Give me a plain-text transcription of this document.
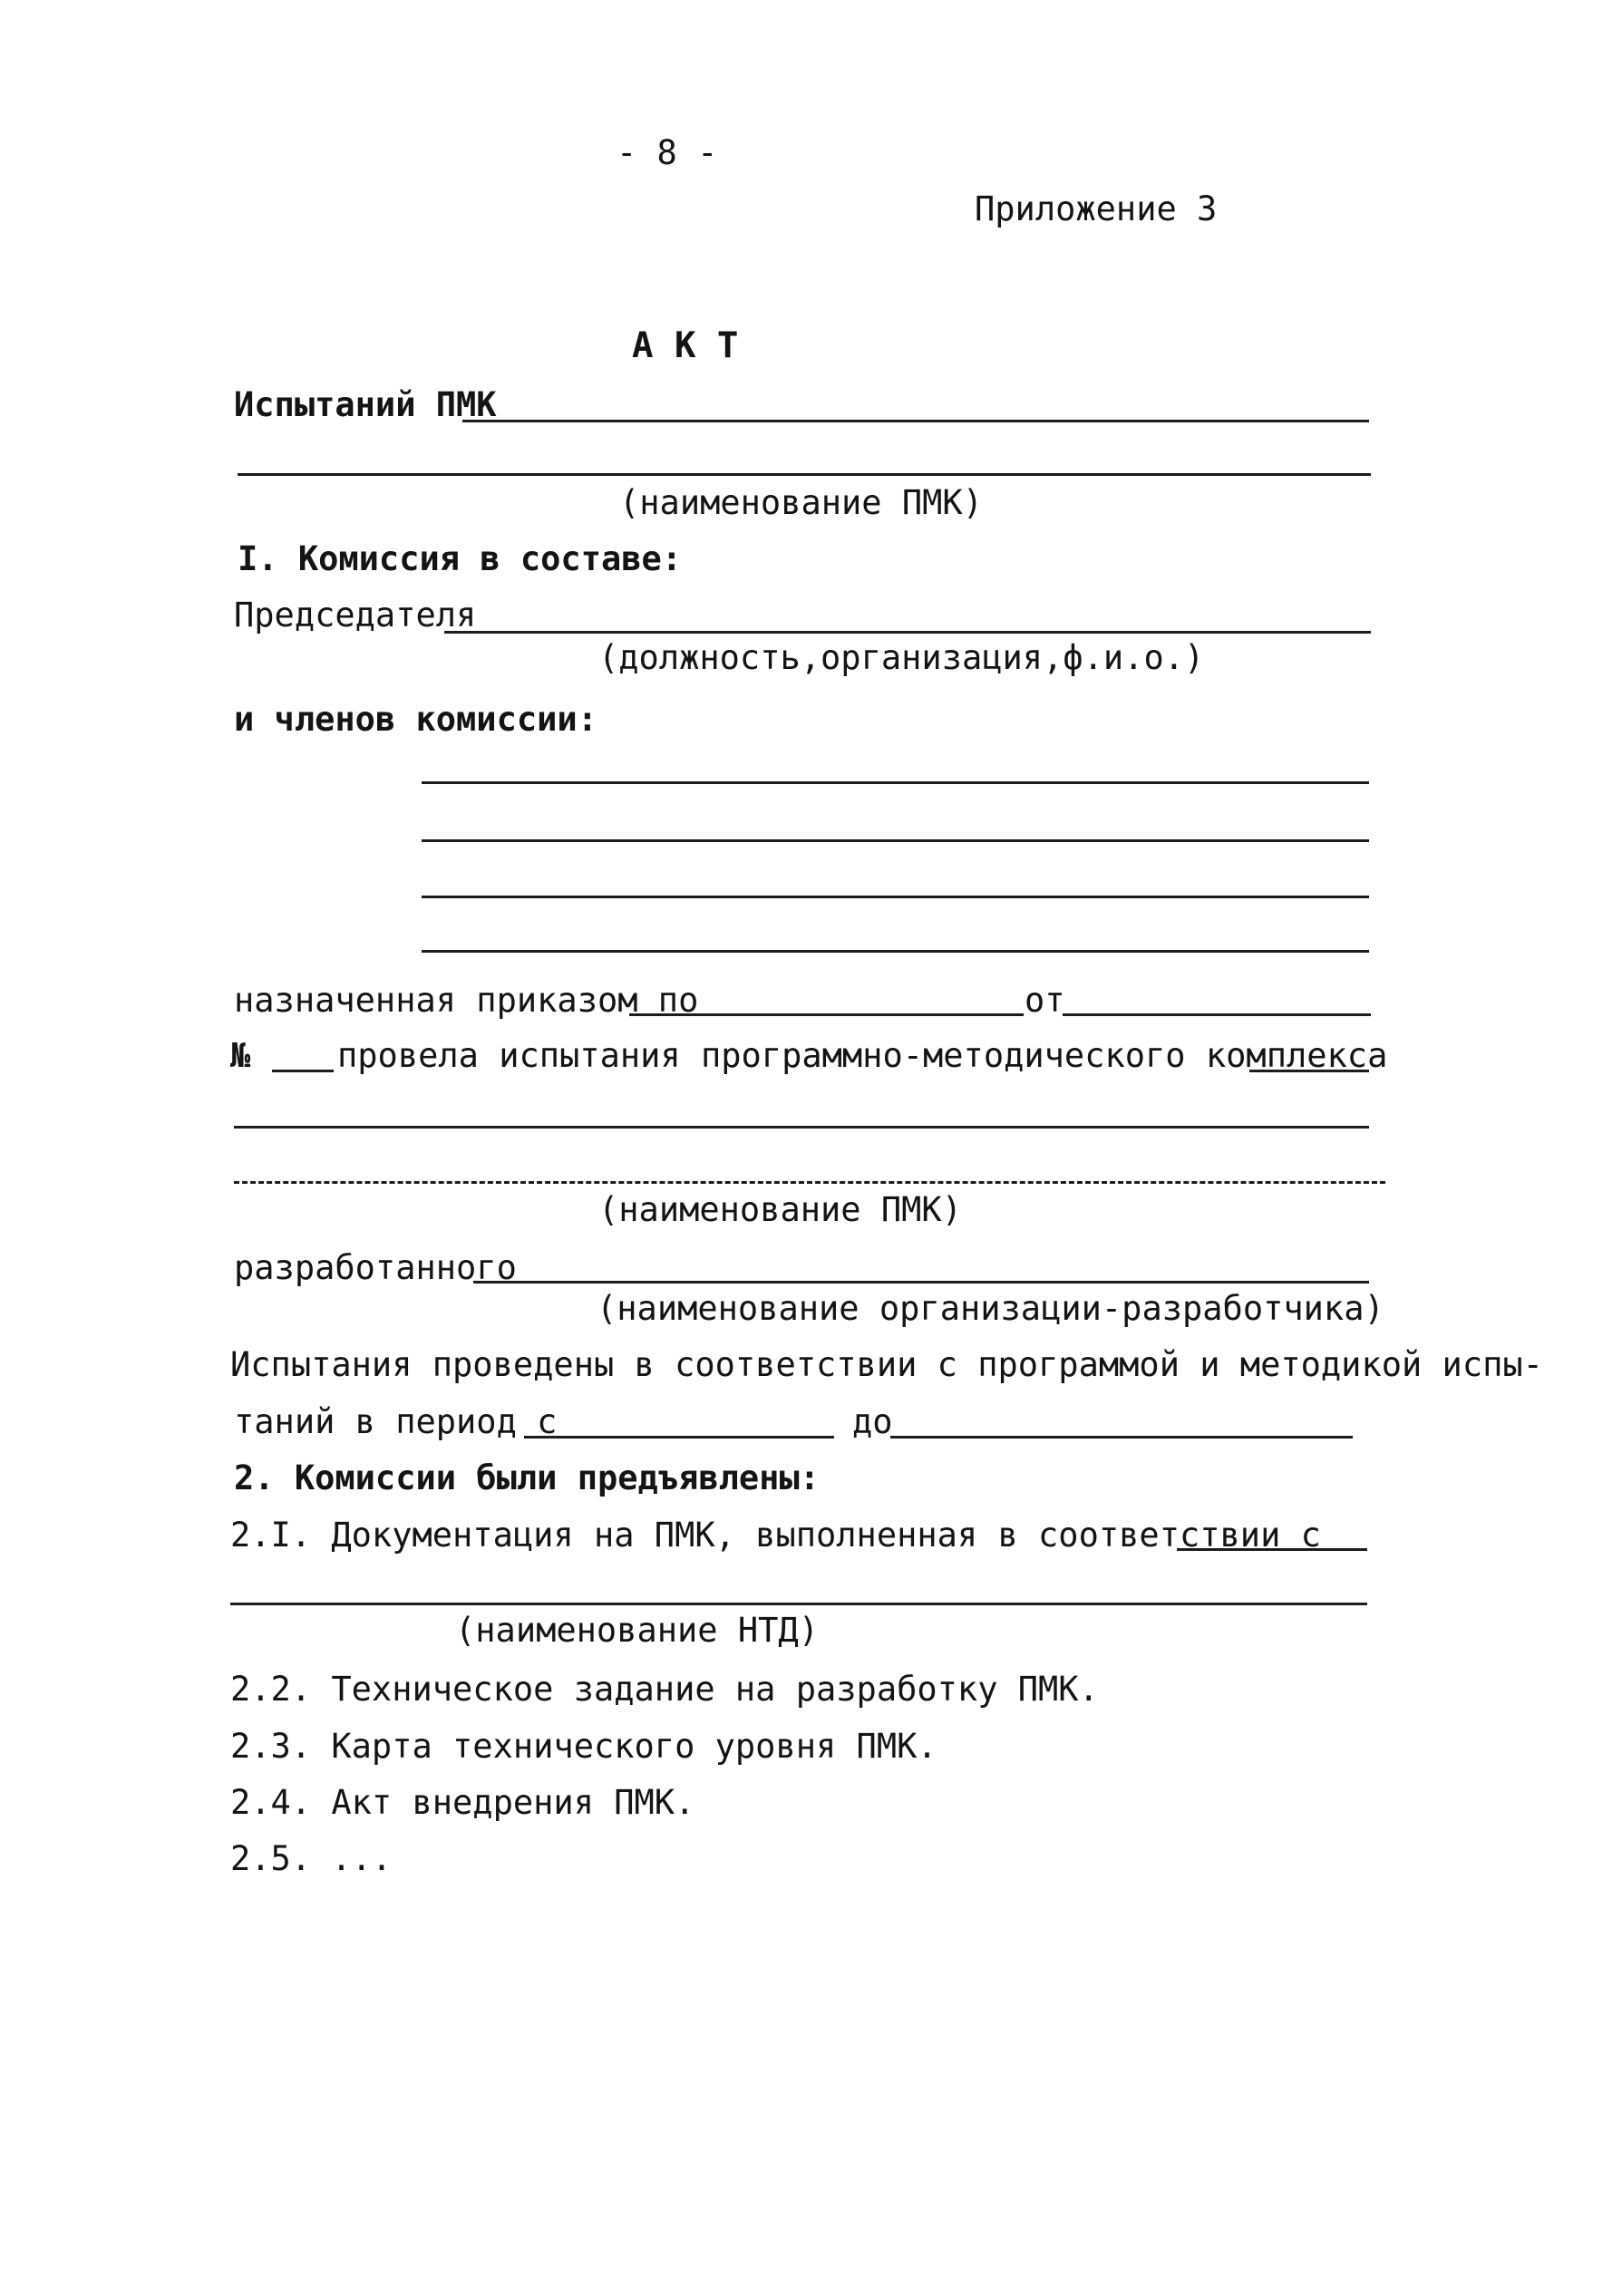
- 8 -
Приложение 3
А К Т
Испытаний ПМК
(наименование ПМК)
I. Комиссия в составе:
Председателя
(должность,организация,ф.и.о.)
и членов комиссии:
назначенная приказом по	от
№	провела испытания программно-методического комплекса
(наименование ПМК)
разработанного
(наименование организации-разработчика)
Испытания проведены в соответствии с программой и методикой испы-
таний в период с	до
2. Комиссии были предъявлены:
2.I. Документация на ПМК, выполненная в соответствии с
(наименование НТД)
2.2. Техническое задание на разработку ПМК.
2.3. Карта технического уровня ПМК.
2.4. Акт внедрения ПМК.
2.5. ...
